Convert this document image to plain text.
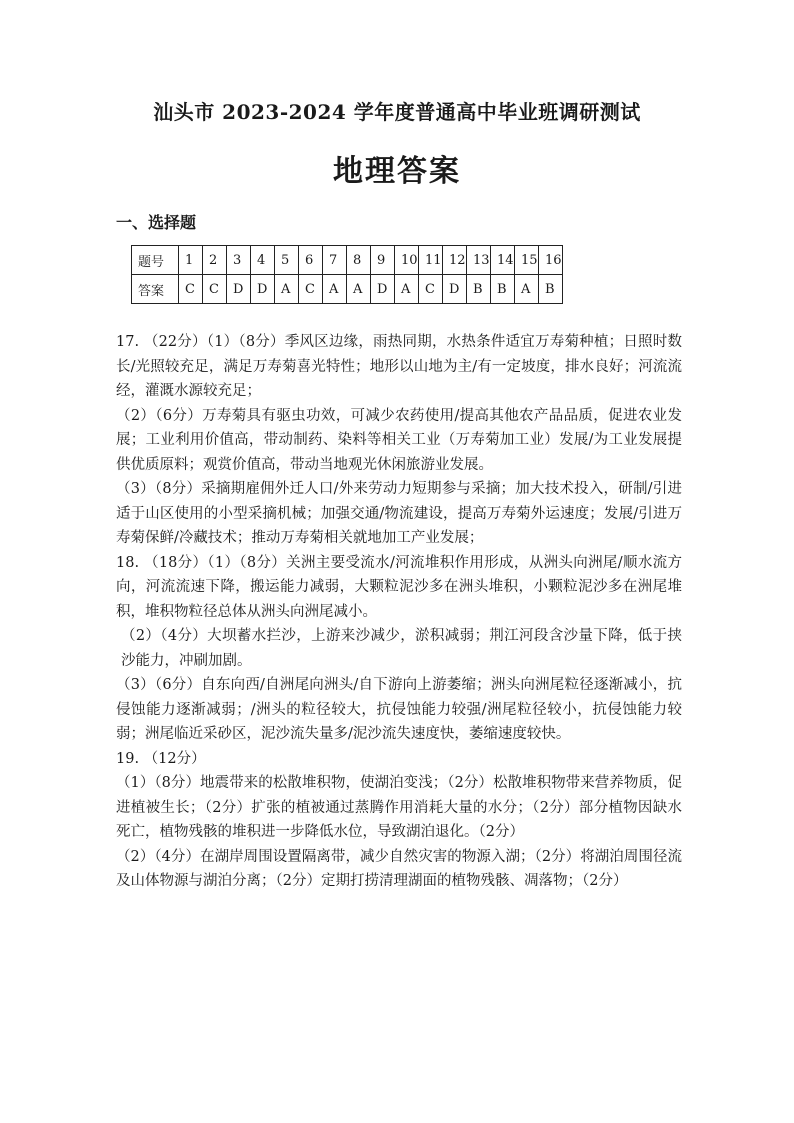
汕头市 2023-2024 学年度普通高中毕业班调研测试
地理答案
一、选择题
题号	1	2	3	4	5	6	7	8	9	10	11	12	13	14	15	16
答案	C	C	D	D	A	C	A	A	D	A	C	D	B	B	A	B

17. （22分）（1）（8分）季风区边缘，雨热同期，水热条件适宜万寿菊种植；日照时数长/光照较充足，满足万寿菊喜光特性；地形以山地为主/有一定坡度，排水良好；河流流经，灌溉水源较充足；

（2）（6分）万寿菊具有驱虫功效，可减少农药使用/提高其他农产品品质，促进农业发展；工业利用价值高，带动制药、染料等相关工业（万寿菊加工业）发展/为工业发展提供优质原料；观赏价值高，带动当地观光休闲旅游业发展。

（3）（8分）采摘期雇佣外迁人口/外来劳动力短期参与采摘；加大技术投入，研制/引进适于山区使用的小型采摘机械；加强交通/物流建设，提高万寿菊外运速度；发展/引进万寿菊保鲜/冷藏技术；推动万寿菊相关就地加工产业发展；

18. （18分）（1）（8分）关洲主要受流水/河流堆积作用形成，从洲头向洲尾/顺水流方向，河流流速下降，搬运能力减弱，大颗粒泥沙多在洲头堆积，小颗粒泥沙多在洲尾堆积，堆积物粒径总体从洲头向洲尾减小。

（2）（4分）大坝蓄水拦沙，上游来沙减少，淤积减弱；荆江河段含沙量下降，低于挟沙能力，冲刷加剧。

（3）（6分）自东向西/自洲尾向洲头/自下游向上游萎缩；洲头向洲尾粒径逐渐减小，抗侵蚀能力逐渐减弱；/洲头的粒径较大，抗侵蚀能力较强/洲尾粒径较小，抗侵蚀能力较弱；洲尾临近采砂区，泥沙流失量多/泥沙流失速度快，萎缩速度较快。

19. （12分）

（1）（8分）地震带来的松散堆积物，使湖泊变浅；（2分）松散堆积物带来营养物质，促进植被生长；（2分）扩张的植被通过蒸腾作用消耗大量的水分；（2分）部分植物因缺水死亡，植物残骸的堆积进一步降低水位，导致湖泊退化。（2分）

（2）（4分）在湖岸周围设置隔离带，减少自然灾害的物源入湖；（2分）将湖泊周围径流及山体物源与湖泊分离；（2分）定期打捞清理湖面的植物残骸、凋落物；（2分）
